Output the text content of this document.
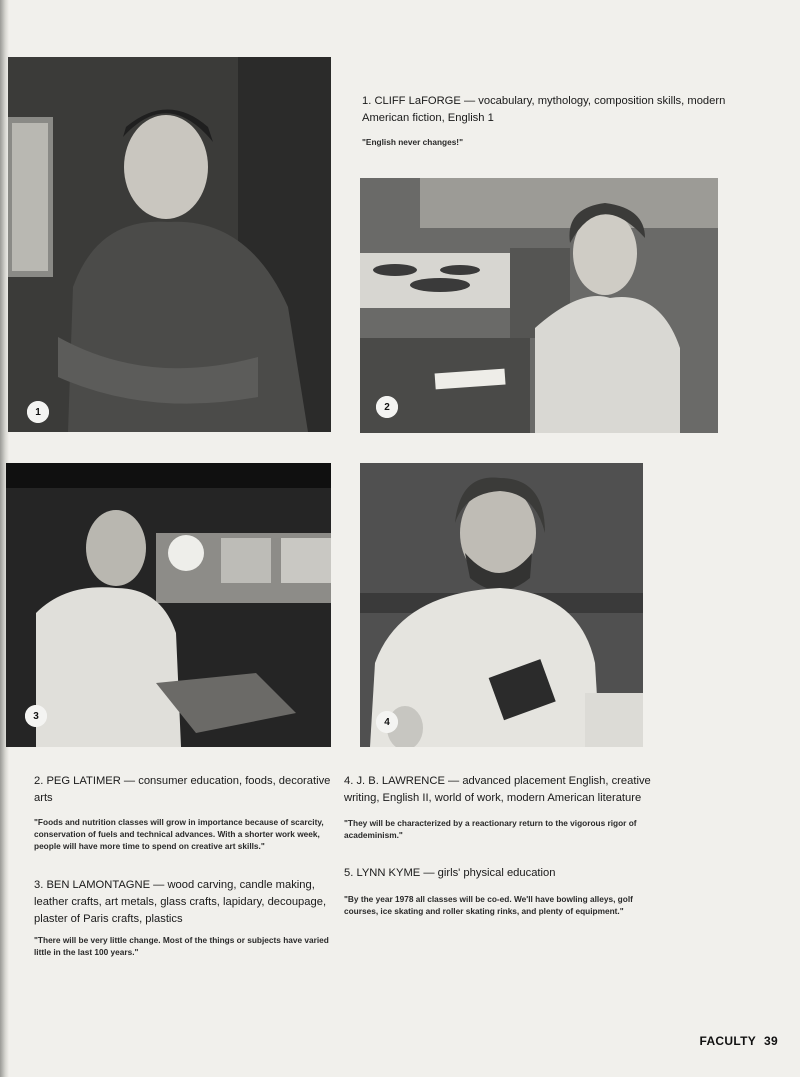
1
1. CLIFF LaFORGE — vocabulary, mythology, composition skills, modern American fiction, English 1
"English never changes!"
2
3
4
2. PEG LATIMER — consumer education, foods, decorative arts
"Foods and nutrition classes will grow in importance because of scarcity, conservation of fuels and technical advances. With a shorter work week, people will have more time to spend on creative art skills."
3. BEN LAMONTAGNE — wood carving, candle making, leather crafts, art metals, glass crafts, lapidary, decoupage, plaster of Paris crafts, plastics
"There will be very little change. Most of the things or subjects have varied little in the last 100 years."
4. J. B. LAWRENCE — advanced placement English, creative writing, English II, world of work, modern American literature
"They will be characterized by a reactionary return to the vigorous rigor of academinism."
5. LYNN KYME — girls' physical education
"By the year 1978 all classes will be co-ed. We'll have bowling alleys, golf courses, ice skating and roller skating rinks, and plenty of equipment."
FACULTY 39
